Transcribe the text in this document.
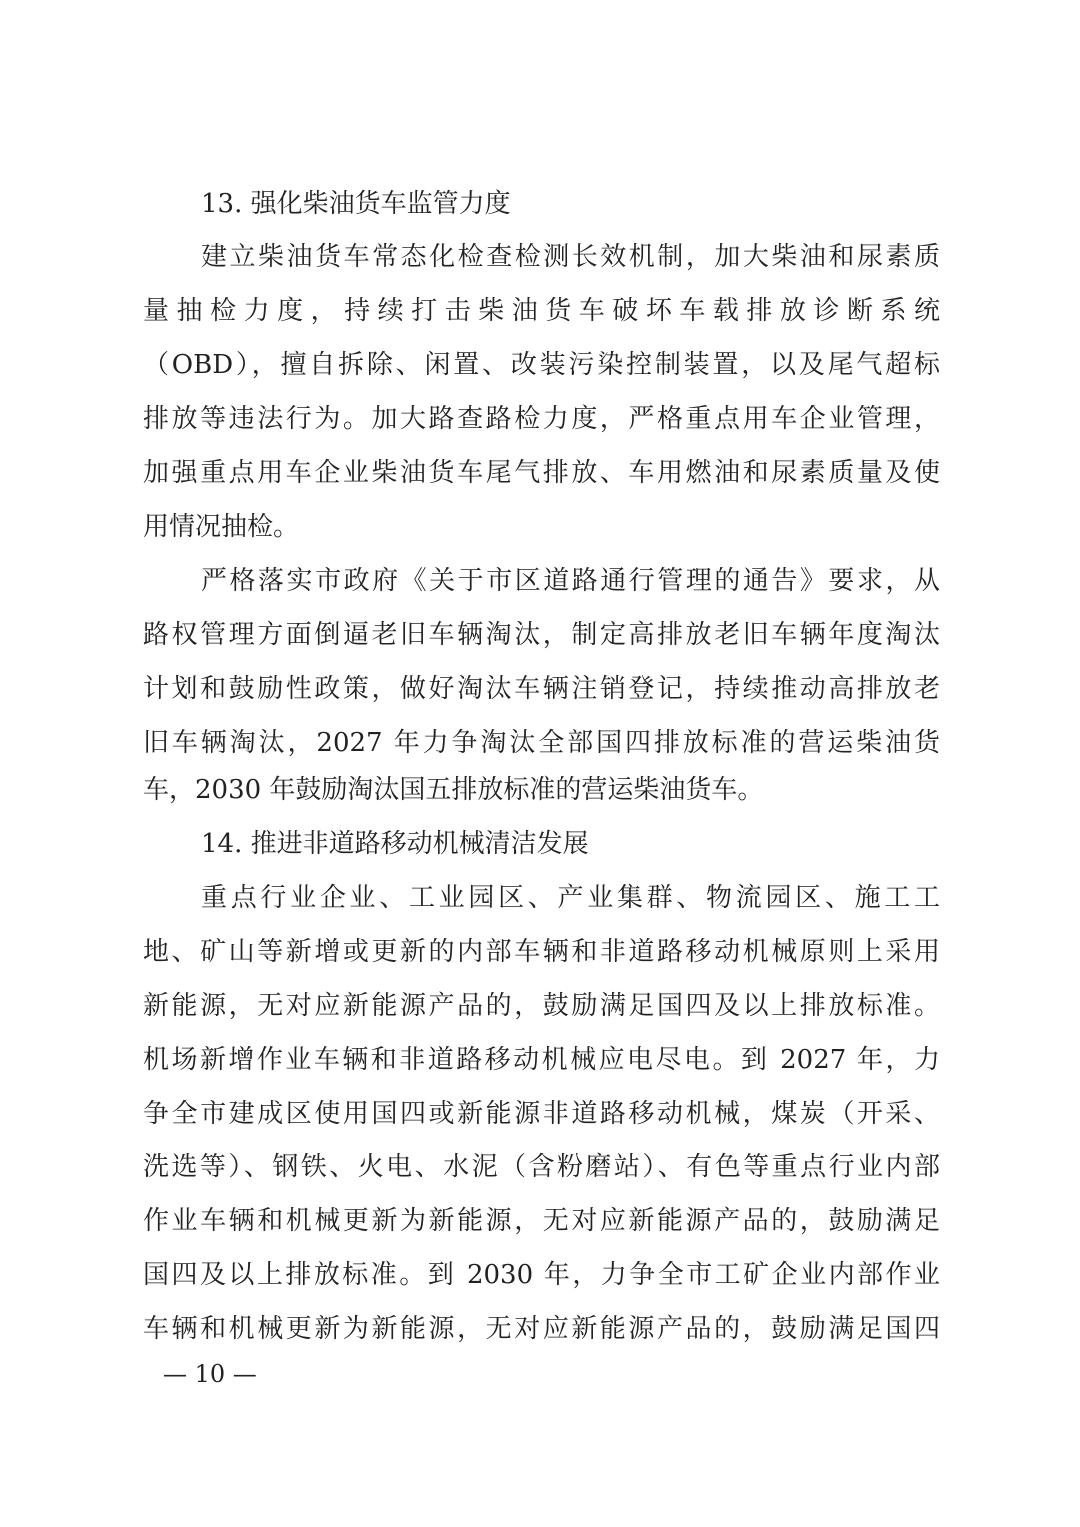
13. 强化柴油货车监管力度
建立柴油货车常态化检查检测长效机制，加大柴油和尿素质
量抽检力度，持续打击柴油货车破坏车载排放诊断系统
（OBD），擅自拆除、闲置、改装污染控制装置，以及尾气超标
排放等违法行为。加大路查路检力度，严格重点用车企业管理，
加强重点用车企业柴油货车尾气排放、车用燃油和尿素质量及使
用情况抽检。
严格落实市政府《关于市区道路通行管理的通告》要求，从
路权管理方面倒逼老旧车辆淘汰，制定高排放老旧车辆年度淘汰
计划和鼓励性政策，做好淘汰车辆注销登记，持续推动高排放老
旧车辆淘汰，2027 年力争淘汰全部国四排放标准的营运柴油货
车，2030 年鼓励淘汰国五排放标准的营运柴油货车。
14. 推进非道路移动机械清洁发展
重点行业企业、工业园区、产业集群、物流园区、施工工
地、矿山等新增或更新的内部车辆和非道路移动机械原则上采用
新能源，无对应新能源产品的，鼓励满足国四及以上排放标准。
机场新增作业车辆和非道路移动机械应电尽电。到 2027 年，力
争全市建成区使用国四或新能源非道路移动机械，煤炭（开采、
洗选等）、钢铁、火电、水泥（含粉磨站）、有色等重点行业内部
作业车辆和机械更新为新能源，无对应新能源产品的，鼓励满足
国四及以上排放标准。到 2030 年，力争全市工矿企业内部作业
车辆和机械更新为新能源，无对应新能源产品的，鼓励满足国四
— 10 —
